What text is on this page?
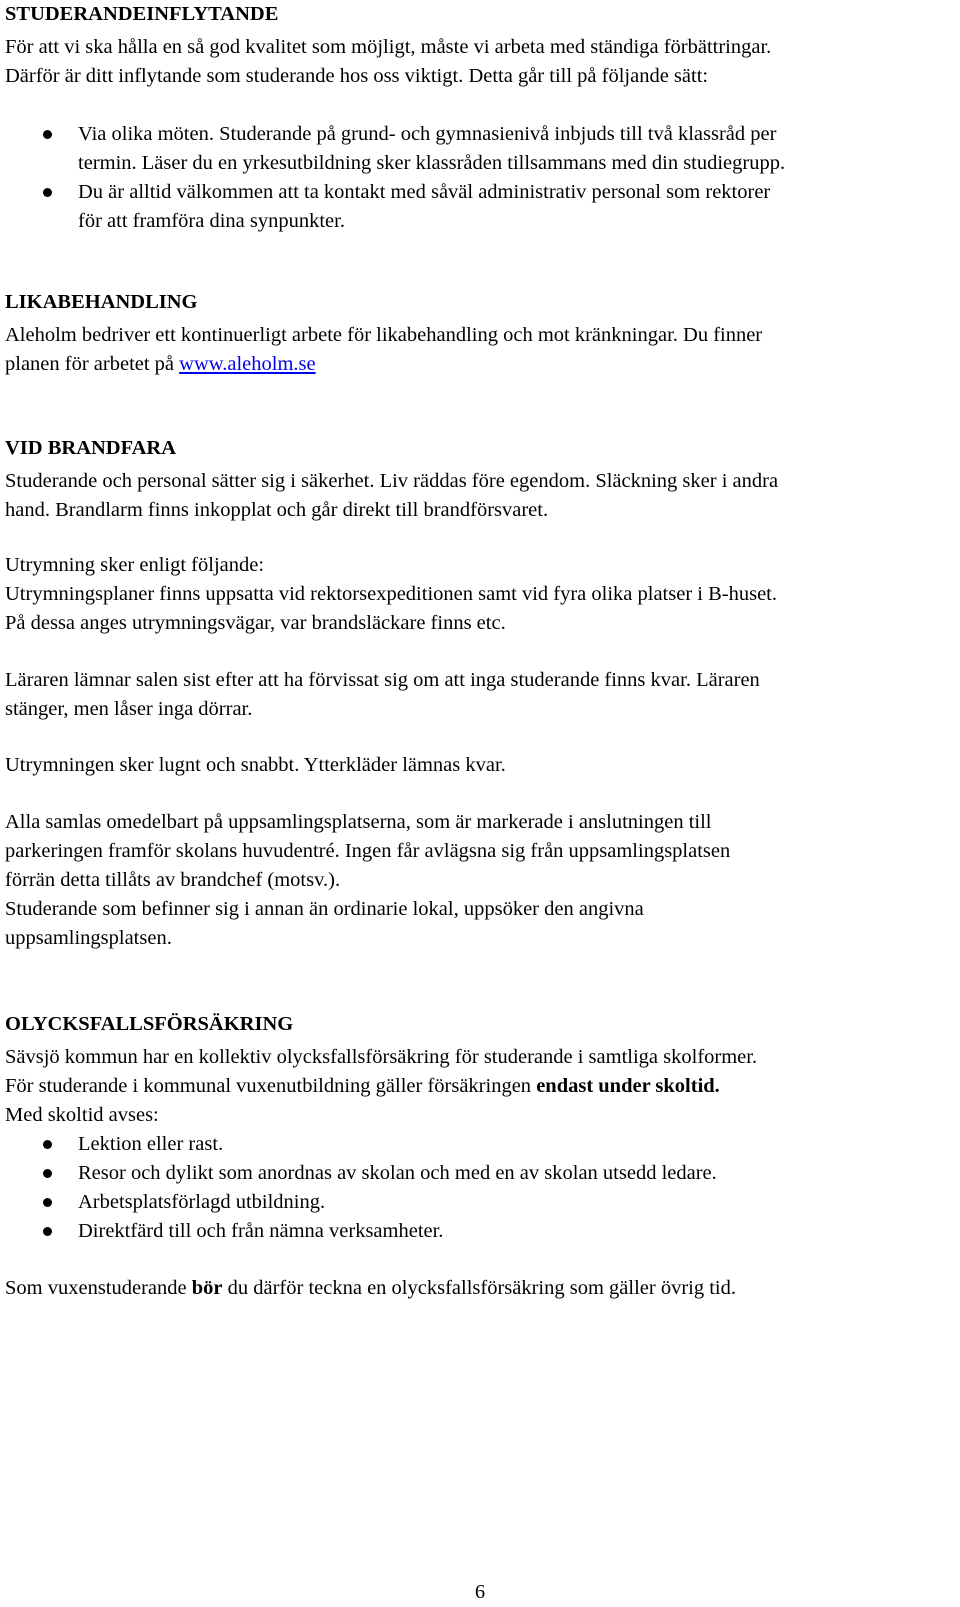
STUDERANDEINFLYTANDE

För att vi ska hålla en så god kvalitet som möjligt, måste vi arbeta med ständiga förbättringar.

Därför är ditt inflytande som studerande hos oss viktigt. Detta går till på följande sätt:

Via olika möten. Studerande på grund- och gymnasienivå inbjuds till två klassråd per
termin. Läser du en yrkesutbildning sker klassråden tillsammans med din studiegrupp.
Du är alltid välkommen att ta kontakt med såväl administrativ personal som rektorer
för att framföra dina synpunkter.

LIKABEHANDLING

Aleholm bedriver ett kontinuerligt arbete för likabehandling och mot kränkningar. Du finner

planen för arbetet på www.aleholm.se

VID BRANDFARA

Studerande och personal sätter sig i säkerhet. Liv räddas före egendom. Släckning sker i andra

hand. Brandlarm finns inkopplat och går direkt till brandförsvaret.

Utrymning sker enligt följande:

Utrymningsplaner finns uppsatta vid rektorsexpeditionen samt vid fyra olika platser i B-huset.

På dessa anges utrymningsvägar, var brandsläckare finns etc.

Läraren lämnar salen sist efter att ha förvissat sig om att inga studerande finns kvar. Läraren

stänger, men låser inga dörrar.

Utrymningen sker lugnt och snabbt. Ytterkläder lämnas kvar.

Alla samlas omedelbart på uppsamlingsplatserna, som är markerade i anslutningen till

parkeringen framför skolans huvudentré. Ingen får avlägsna sig från uppsamlingsplatsen

förrän detta tillåts av brandchef (motsv.).

Studerande som befinner sig i annan än ordinarie lokal, uppsöker den angivna

uppsamlingsplatsen.

OLYCKSFALLSFÖRSÄKRING

Sävsjö kommun har en kollektiv olycksfallsförsäkring för studerande i samtliga skolformer.

För studerande i kommunal vuxenutbildning gäller försäkringen endast under skoltid.

Med skoltid avses:

Lektion eller rast.
Resor och dylikt som anordnas av skolan och med en av skolan utsedd ledare.
Arbetsplatsförlagd utbildning.
Direktfärd till och från nämna verksamheter.

Som vuxenstuderande bör du därför teckna en olycksfallsförsäkring som gäller övrig tid.

6
